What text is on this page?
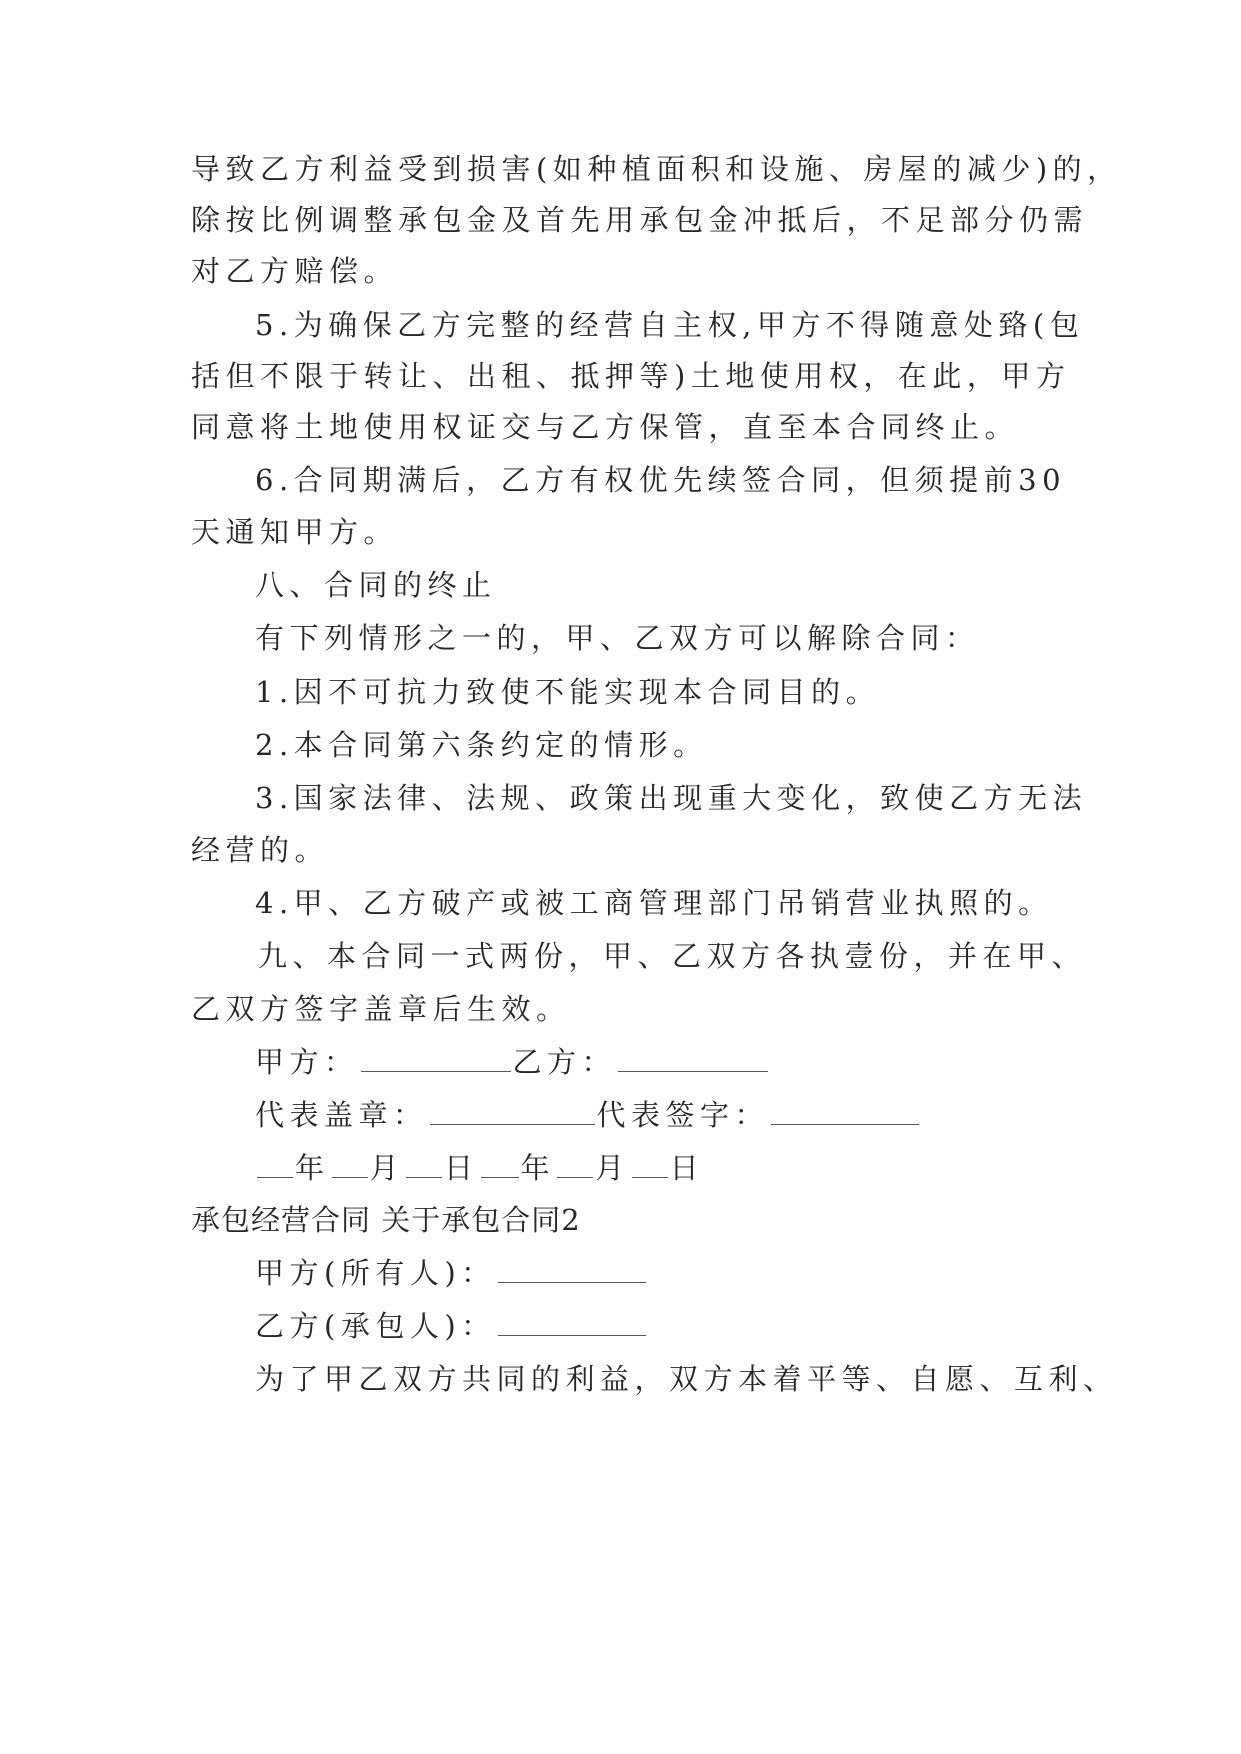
导致乙方利益受到损害(如种植面积和设施、房屋的减少)的，
除按比例调整承包金及首先用承包金冲抵后，不足部分仍需
对乙方赔偿。
5.为确保乙方完整的经营自主权,甲方不得随意处臵(包
括但不限于转让、出租、抵押等)土地使用权，在此，甲方
同意将土地使用权证交与乙方保管，直至本合同终止。
6.合同期满后，乙方有权优先续签合同，但须提前30
天通知甲方。
八、合同的终止
有下列情形之一的，甲、乙双方可以解除合同：
1.因不可抗力致使不能实现本合同目的。
2.本合同第六条约定的情形。
3.国家法律、法规、政策出现重大变化，致使乙方无法
经营的。
4.甲、乙方破产或被工商管理部门吊销营业执照的。
九、本合同一式两份，甲、乙双方各执壹份，并在甲、
乙双方签字盖章后生效。
甲方：	乙方：
代表盖章：	代表签字：
年 月 日 年 月 日
承包经营合同 关于承包合同2
甲方(所有人)：
乙方(承包人)：
为了甲乙双方共同的利益，双方本着平等、自愿、互利、
